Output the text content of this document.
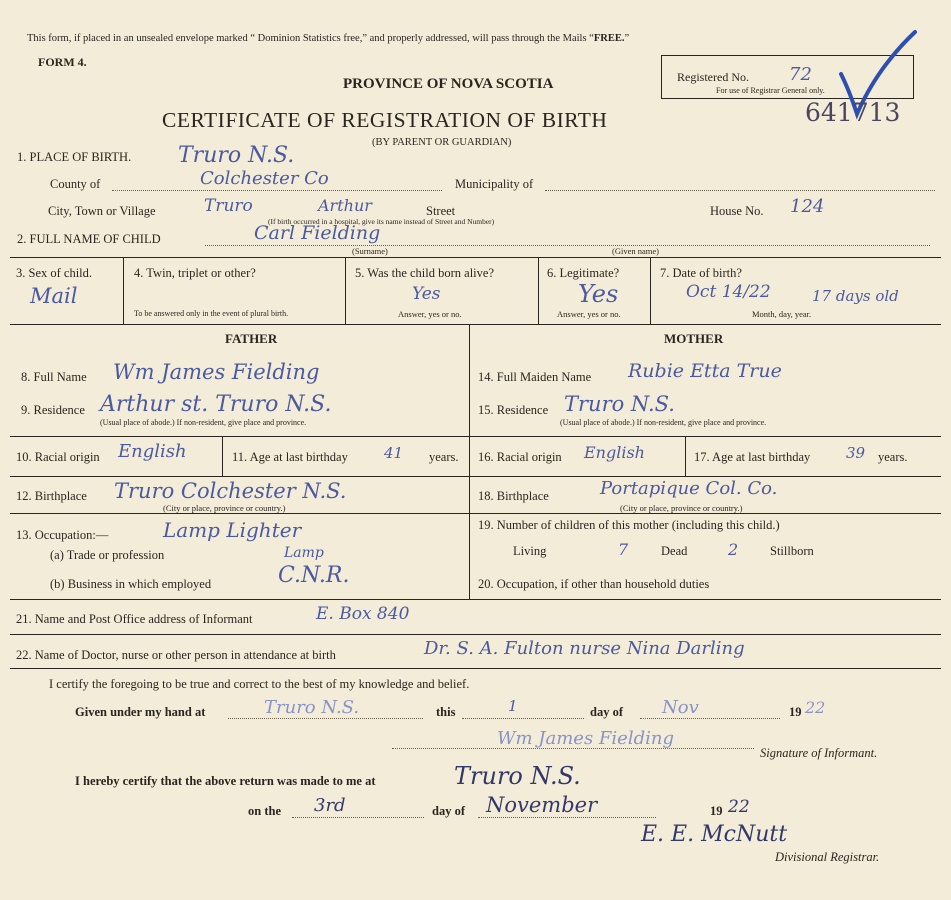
This form, if placed in an unsealed envelope marked “ Dominion Statistics free,” and properly addressed, will pass through the Mails “FREE.”
FORM 4.
PROVINCE OF NOVA SCOTIA
CERTIFICATE OF REGISTRATION OF BIRTH
(BY PARENT OR GUARDIAN)
Registered No. 72
For use of Registrar General only.
641713
1. PLACE OF BIRTH. Truro N.S.
County of	Colchester Co	Municipality of
City, Town or Village	Truro	Arthur	Street	House No. 124
(If birth occurred in a hospital, give its name instead of Street and Number)
2. FULL NAME OF CHILD	Carl Fielding
(Surname)	(Given name)
3. Sex of child.
Mail
4. Twin, triplet or other?
To be answered only in the event of plural birth.
5. Was the child born alive?
Yes
Answer, yes or no.
6. Legitimate?
Yes
Answer, yes or no.
7. Date of birth?
Oct 14/22	17 days old
Month, day, year.
FATHER	MOTHER
8. Full Name Wm James Fielding	14. Full Maiden Name Rubie Etta True
9. Residence Arthur st. Truro N.S.
(Usual place of abode.) If non-resident, give place and province.
15. Residence Truro N.S.
(Usual place of abode.) If non-resident, give place and province.
10. Racial origin English	11. Age at last birthday 41 years. 16. Racial origin English	17. Age at last birthday 39 years.
12. Birthplace Truro Colchester N.S.
(City or place, province or country.)
18. Birthplace	Portapique Col. Co.
(City or place, province or country.)
13. Occupation:—	Lamp Lighter
(a) Trade or profession	Lamp
19. Number of children of this mother (including this child.)
Living	7	Dead	2	Stillborn
(b) Business in which employed	C.N.R.	20. Occupation, if other than household duties
21. Name and Post Office address of Informant	E. Box 840
22. Name of Doctor, nurse or other person in attendance at birth	Dr. S. A. Fulton nurse Nina Darling
I certify the foregoing to be true and correct to the best of my knowledge and belief.
Given under my hand at	Truro N.S.	this	1	day of Nov	19 22
Wm James Fielding
Signature of Informant.
I hereby certify that the above return was made to me at	Truro N.S.
on the 3rd	day of November	19 22
E. E. McNutt
Divisional Registrar.
